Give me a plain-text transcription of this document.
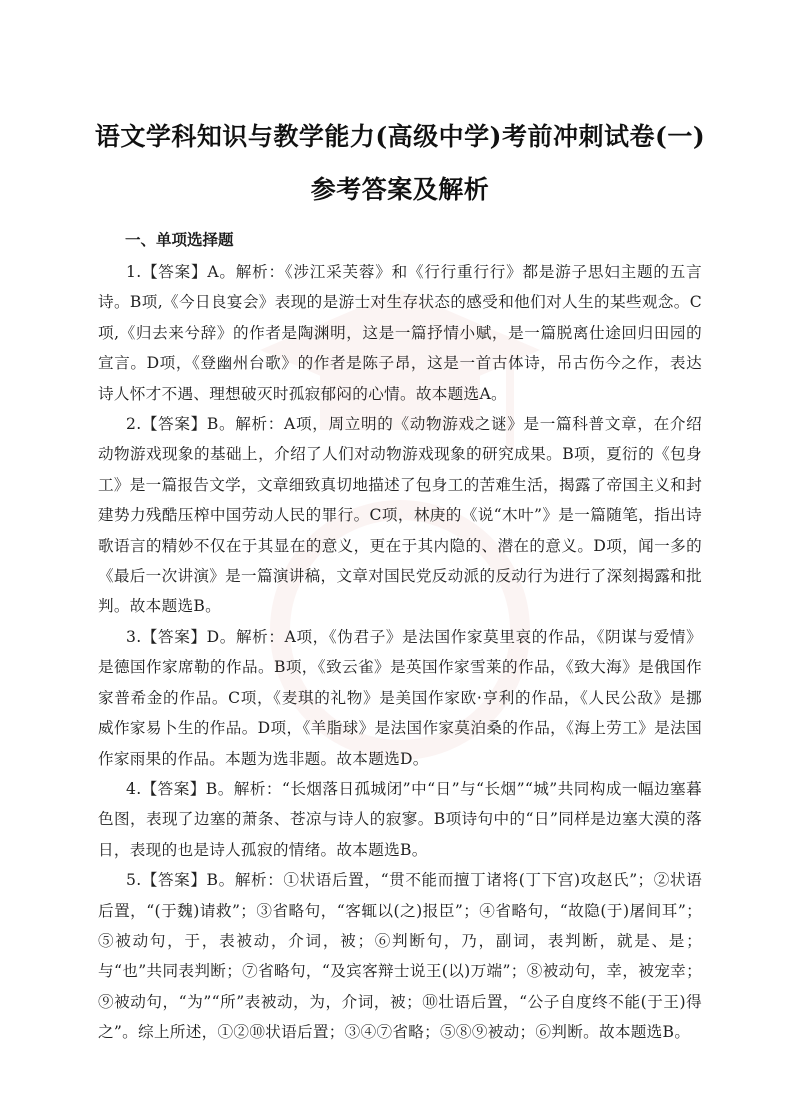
语文学科知识与教学能力(高级中学)考前冲刺试卷(一)
参考答案及解析
一、单项选择题

1.【答案】A。解析：《涉江采芙蓉》和《行行重行行》都是游子思妇主题的五言诗。B项,《今日良宴会》表现的是游士对生存状态的感受和他们对人生的某些观念。C项,《归去来兮辞》的作者是陶渊明，这是一篇抒情小赋，是一篇脱离仕途回归田园的宣言。D项，《登幽州台歌》的作者是陈子昂，这是一首古体诗，吊古伤今之作，表达诗人怀才不遇、理想破灭时孤寂郁闷的心情。故本题选A。

2.【答案】B。解析：A项，周立明的《动物游戏之谜》是一篇科普文章，在介绍动物游戏现象的基础上，介绍了人们对动物游戏现象的研究成果。B项，夏衍的《包身工》是一篇报告文学，文章细致真切地描述了包身工的苦难生活，揭露了帝国主义和封建势力残酷压榨中国劳动人民的罪行。C项，林庚的《说“木叶”》是一篇随笔，指出诗歌语言的精妙不仅在于其显在的意义，更在于其内隐的、潜在的意义。D项，闻一多的《最后一次讲演》是一篇演讲稿，文章对国民党反动派的反动行为进行了深刻揭露和批判。故本题选B。

3.【答案】D。解析：A项，《伪君子》是法国作家莫里哀的作品，《阴谋与爱情》是德国作家席勒的作品。B项，《致云雀》是英国作家雪莱的作品，《致大海》是俄国作家普希金的作品。C项，《麦琪的礼物》是美国作家欧·亨利的作品，《人民公敌》是挪威作家易卜生的作品。D项，《羊脂球》是法国作家莫泊桑的作品，《海上劳工》是法国作家雨果的作品。本题为选非题。故本题选D。

4.【答案】B。解析：“长烟落日孤城闭”中“日”与“长烟”“城”共同构成一幅边塞暮色图，表现了边塞的萧条、苍凉与诗人的寂寥。B项诗句中的“日”同样是边塞大漠的落日，表现的也是诗人孤寂的情绪。故本题选B。

5.【答案】B。解析：①状语后置，“贯不能而擅丁诸将(丁下宫)攻赵氏”；②状语后置，“(于魏)请救”；③省略句，“客辄以(之)报臣”；④省略句，“故隐(于)屠间耳”；⑤被动句，于，表被动，介词，被；⑥判断句，乃，副词，表判断，就是、是；与“也”共同表判断；⑦省略句，“及宾客辩士说王(以)万端”；⑧被动句，幸，被宠幸；⑨被动句，“为”“所”表被动，为，介词，被；⑩壮语后置，“公子自度终不能(于王)得之”。综上所述，①②⑩状语后置；③④⑦省略；⑤⑧⑨被动；⑥判断。故本题选B。
